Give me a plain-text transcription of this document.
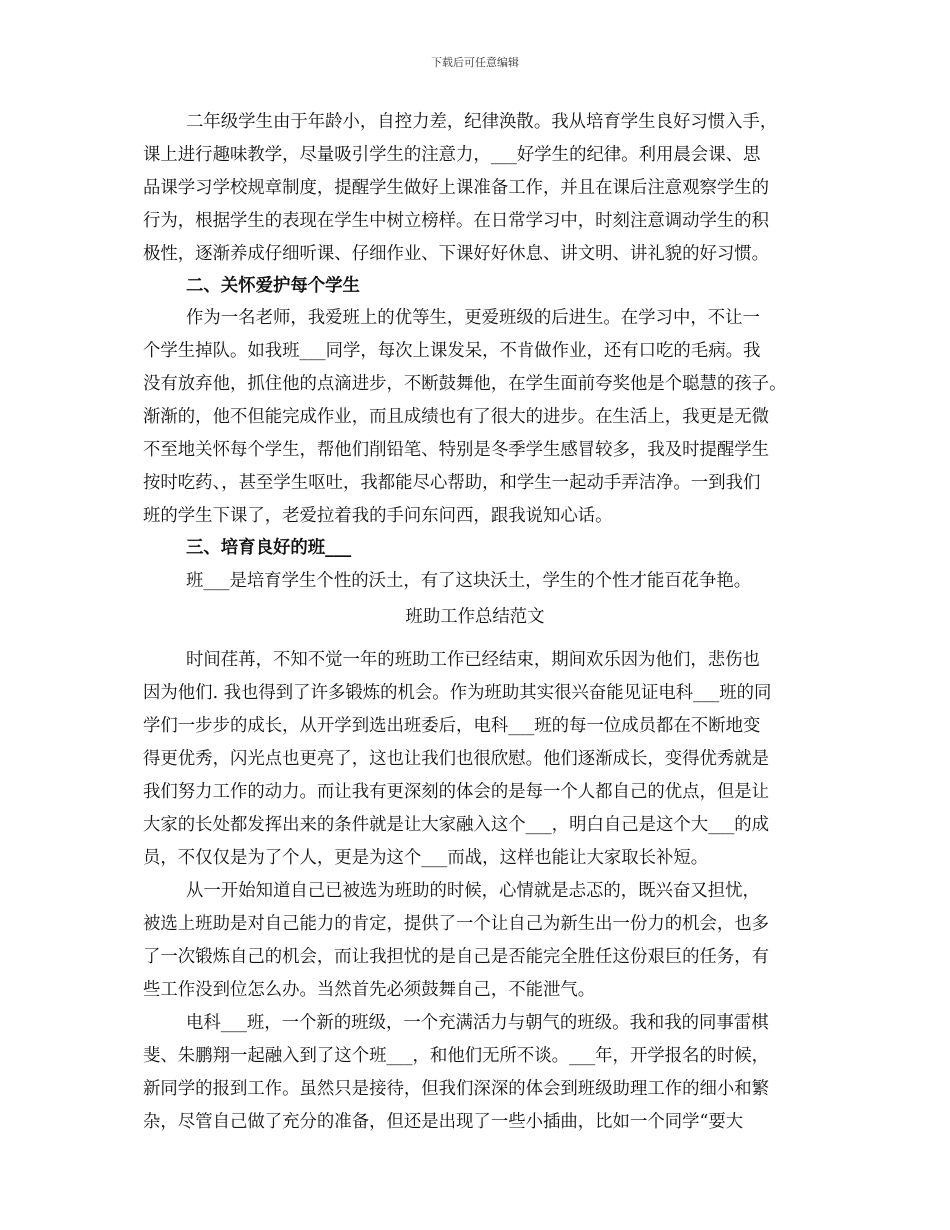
下载后可任意编辑
二年级学生由于年龄小，自控力差，纪律涣散。我从培育学生良好习惯入手，
课上进行趣味教学，尽量吸引学生的注意力，___好学生的纪律。利用晨会课、思
品课学习学校规章制度，提醒学生做好上课准备工作，并且在课后注意观察学生的
行为，根据学生的表现在学生中树立榜样。在日常学习中，时刻注意调动学生的积
极性，逐渐养成仔细听课、仔细作业、下课好好休息、讲文明、讲礼貌的好习惯。
二、关怀爱护每个学生
作为一名老师，我爱班上的优等生，更爱班级的后进生。在学习中，不让一
个学生掉队。如我班___同学，每次上课发呆，不肯做作业，还有口吃的毛病。我
没有放弃他，抓住他的点滴进步，不断鼓舞他，在学生面前夸奖他是个聪慧的孩子。
渐渐的，他不但能完成作业，而且成绩也有了很大的进步。在生活上，我更是无微
不至地关怀每个学生，帮他们削铅笔、特别是冬季学生感冒较多，我及时提醒学生
按时吃药、，甚至学生呕吐，我都能尽心帮助，和学生一起动手弄洁净。一到我们
班的学生下课了，老爱拉着我的手问东问西，跟我说知心话。
三、培育良好的班___
班___是培育学生个性的沃土，有了这块沃土，学生的个性才能百花争艳。
班助工作总结范文
时间荏苒，不知不觉一年的班助工作已经结束，期间欢乐因为他们，悲伤也
因为他们. 我也得到了许多锻炼的机会。作为班助其实很兴奋能见证电科___班的同
学们一步步的成长，从开学到选出班委后，电科___班的每一位成员都在不断地变
得更优秀，闪光点也更亮了，这也让我们也很欣慰。他们逐渐成长，变得优秀就是
我们努力工作的动力。而让我有更深刻的体会的是每一个人都自己的优点，但是让
大家的长处都发挥出来的条件就是让大家融入这个___，明白自己是这个大___的成
员，不仅仅是为了个人，更是为这个___而战，这样也能让大家取长补短。
从一开始知道自己已被选为班助的时候，心情就是忐忑的，既兴奋又担忧，
被选上班助是对自己能力的肯定，提供了一个让自己为新生出一份力的机会，也多
了一次锻炼自己的机会，而让我担忧的是自己是否能完全胜任这份艰巨的任务，有
些工作没到位怎么办。当然首先必须鼓舞自己，不能泄气。
电科___班，一个新的班级，一个充满活力与朝气的班级。我和我的同事雷棋
斐、朱鹏翔一起融入到了这个班___，和他们无所不谈。___年，开学报名的时候，
新同学的报到工作。虽然只是接待，但我们深深的体会到班级助理工作的细小和繁
杂，尽管自己做了充分的准备，但还是出现了一些小插曲，比如一个同学“要大
